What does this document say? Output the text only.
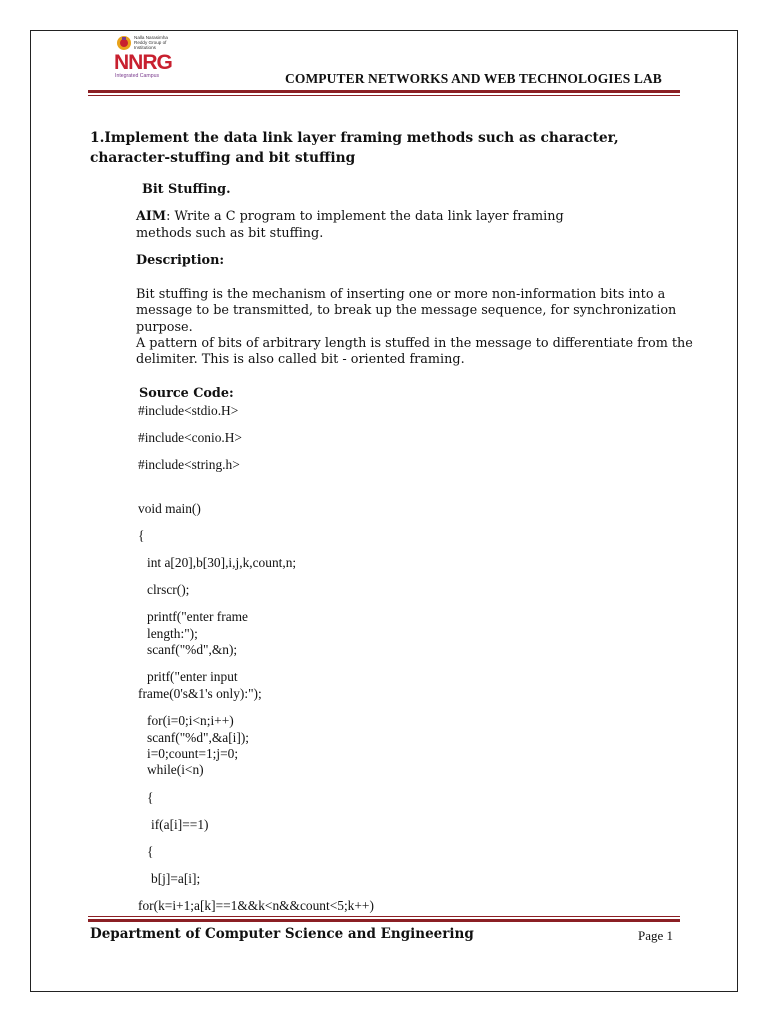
Nalla Narasimha
Reddy Group of
Institutions
NNRG
Integrated Campus	COMPUTER NETWORKS AND WEB TECHNOLOGIES LAB
1.Implement the data link layer framing methods such as character, character-stuffing and bit stuffing
Bit Stuffing.
AIM: Write a C program to implement the data link layer framing methods such as bit stuffing.
Description:
Bit stuffing is the mechanism of inserting one or more non-information bits into a message to be transmitted, to break up the message sequence, for synchronization purpose.
A pattern of bits of arbitrary length is stuffed in the message to differentiate from the delimiter. This is also called bit - oriented framing.
Source Code:
#include<stdio.H>
#include<conio.H>
#include<string.h>
void main()
{
int a[20],b[30],i,j,k,count,n;
clrscr();
printf("enter frame
length:");
scanf("%d",&n);
pritf("enter input
frame(0's&1's only):");
for(i=0;i<n;i++)
scanf("%d",&a[i]);
i=0;count=1;j=0;
while(i<n)
{
if(a[i]==1)
{
b[j]=a[i];
for(k=i+1;a[k]==1&&k<n&&count<5;k++)
Department of Computer Science and Engineering	Page 1
